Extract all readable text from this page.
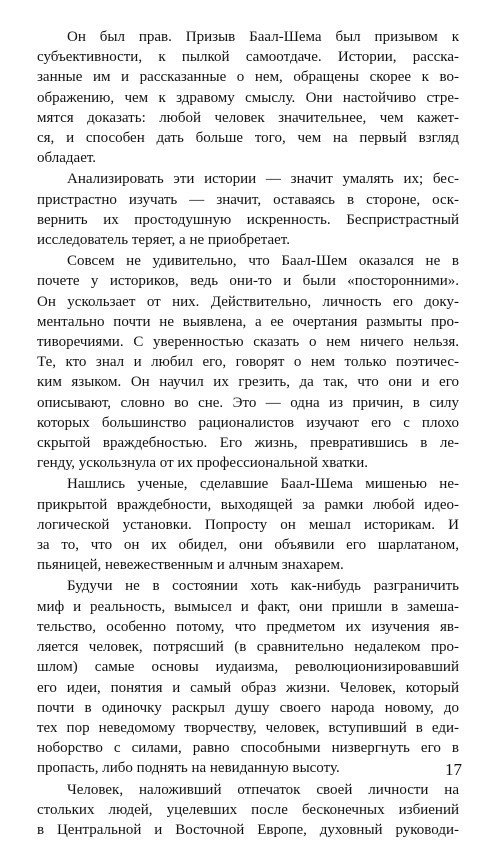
Он был прав. Призыв Баал-Шема был призывом к
субъективности, к пылкой самоотдаче. Истории, расска-
занные им и рассказанные о нем, обращены скорее к во-
ображению, чем к здравому смыслу. Они настойчиво стре-
мятся доказать: любой человек значительнее, чем кажет-
ся, и способен дать больше того, чем на первый взгляд
обладает.
Анализировать эти истории — значит умалять их; бес-
пристрастно изучать — значит, оставаясь в стороне, оск-
вернить их простодушную искренность. Беспристрастный
исследователь теряет, а не приобретает.
Совсем не удивительно, что Баал-Шем оказался не в
почете у историков, ведь они-то и были «посторонними».
Он ускользает от них. Действительно, личность его доку-
ментально почти не выявлена, а ее очертания размыты про-
тиворечиями. С уверенностью сказать о нем ничего нельзя.
Те, кто знал и любил его, говорят о нем только поэтичес-
ким языком. Он научил их грезить, да так, что они и его
описывают, словно во сне. Это — одна из причин, в силу
которых большинство рационалистов изучают его с плохо
скрытой враждебностью. Его жизнь, превратившись в ле-
генду, ускользнула от их профессиональной хватки.
Нашлись ученые, сделавшие Баал-Шема мишенью не-
прикрытой враждебности, выходящей за рамки любой идео-
логической установки. Попросту он мешал историкам. И
за то, что он их обидел, они объявили его шарлатаном,
пьяницей, невежественным и алчным знахарем.
Будучи не в состоянии хоть как-нибудь разграничить
миф и реальность, вымысел и факт, они пришли в замеша-
тельство, особенно потому, что предметом их изучения яв-
ляется человек, потрясший (в сравнительно недалеком про-
шлом) самые основы иудаизма, революционизировавший
его идеи, понятия и самый образ жизни. Человек, который
почти в одиночку раскрыл душу своего народа новому, до
тех пор неведомому творчеству, человек, вступивший в еди-
ноборство с силами, равно способными низвергнуть его в
пропасть, либо поднять на невиданную высоту.
Человек, наложивший отпечаток своей личности на
стольких людей, уцелевших после бесконечных избиений
в Центральной и Восточной Европе, духовный руководи-
17
